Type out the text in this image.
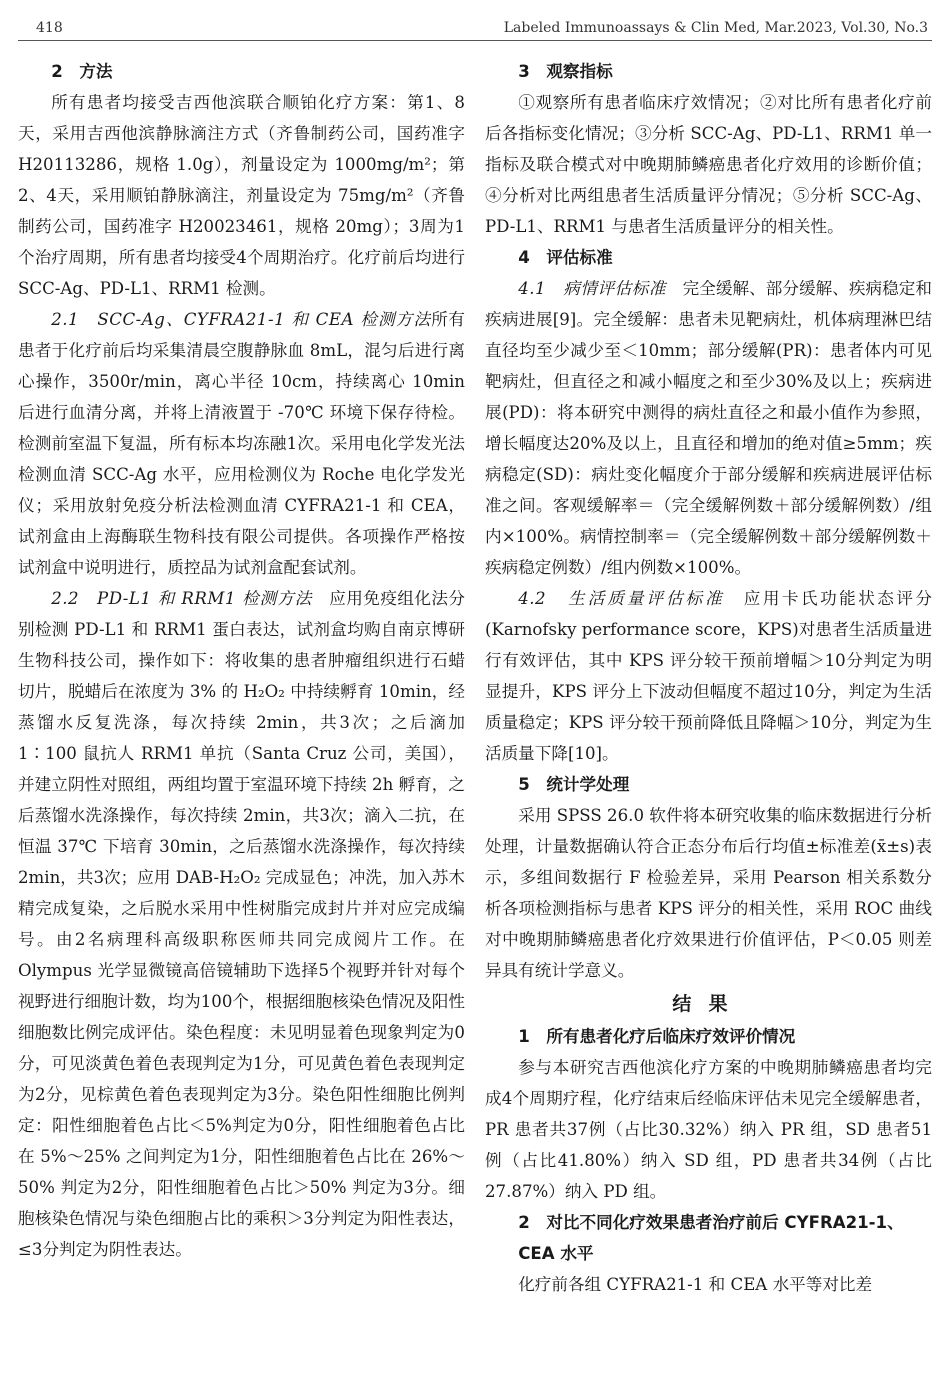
418	Labeled Immunoassays & Clin Med, Mar.2023, Vol.30, No.3
2　方法

所有患者均接受吉西他滨联合顺铂化疗方案：第1、8天，采用吉西他滨静脉滴注方式（齐鲁制药公司，国药准字 H20113286，规格 1.0g），剂量设定为 1000mg/m²；第2、4天，采用顺铂静脉滴注，剂量设定为 75mg/m²（齐鲁制药公司，国药准字 H20023461，规格 20mg）；3周为1个治疗周期，所有患者均接受4个周期治疗。化疗前后均进行 SCC-Ag、PD-L1、RRM1 检测。

2.1　SCC-Ag、CYFRA21-1 和 CEA 检测方法所有患者于化疗前后均采集清晨空腹静脉血 8mL，混匀后进行离心操作，3500r/min，离心半径 10cm，持续离心 10min 后进行血清分离，并将上清液置于 -70℃ 环境下保存待检。检测前室温下复温，所有标本均冻融1次。采用电化学发光法检测血清 SCC-Ag 水平，应用检测仪为 Roche 电化学发光仪；采用放射免疫分析法检测血清 CYFRA21-1 和 CEA，试剂盒由上海酶联生物科技有限公司提供。各项操作严格按试剂盒中说明进行，质控品为试剂盒配套试剂。

2.2　PD-L1 和 RRM1 检测方法　 应用免疫组化法分别检测 PD-L1 和 RRM1 蛋白表达，试剂盒均购自南京博研生物科技公司，操作如下：将收集的患者肿瘤组织进行石蜡切片，脱蜡后在浓度为 3% 的 H₂O₂ 中持续孵育 10min，经蒸馏水反复洗涤，每次持续 2min，共3次；之后滴加 1∶100 鼠抗人 RRM1 单抗（Santa Cruz 公司，美国），并建立阴性对照组，两组均置于室温环境下持续 2h 孵育，之后蒸馏水洗涤操作，每次持续 2min，共3次；滴入二抗，在恒温 37℃ 下培育 30min，之后蒸馏水洗涤操作，每次持续 2min，共3次；应用 DAB-H₂O₂ 完成显色；冲洗，加入苏木精完成复染，之后脱水采用中性树脂完成封片并对应完成编号。由2名病理科高级职称医师共同完成阅片工作。在 Olympus 光学显微镜高倍镜辅助下选择5个视野并针对每个视野进行细胞计数，均为100个，根据细胞核染色情况及阳性细胞数比例完成评估。染色程度：未见明显着色现象判定为0分，可见淡黄色着色表现判定为1分，可见黄色着色表现判定为2分，见棕黄色着色表现判定为3分。染色阳性细胞比例判定：阳性细胞着色占比＜5%判定为0分，阳性细胞着色占比在 5%～25% 之间判定为1分，阳性细胞着色占比在 26%～50% 判定为2分，阳性细胞着色占比＞50% 判定为3分。细胞核染色情况与染色细胞占比的乘积＞3分判定为阳性表达，≤3分判定为阴性表达。

3　观察指标

①观察所有患者临床疗效情况；②对比所有患者化疗前后各指标变化情况；③分析 SCC-Ag、PD-L1、RRM1 单一指标及联合模式对中晚期肺鳞癌患者化疗效用的诊断价值；④分析对比两组患者生活质量评分情况；⑤分析 SCC-Ag、PD-L1、RRM1 与患者生活质量评分的相关性。

4　评估标准

4.1　病情评估标准　 完全缓解、部分缓解、疾病稳定和疾病进展[9]。完全缓解：患者未见靶病灶，机体病理淋巴结直径均至少减少至＜10mm；部分缓解(PR)：患者体内可见靶病灶，但直径之和减小幅度之和至少30%及以上；疾病进展(PD)：将本研究中测得的病灶直径之和最小值作为参照，增长幅度达20%及以上，且直径和增加的绝对值≥5mm；疾病稳定(SD)：病灶变化幅度介于部分缓解和疾病进展评估标准之间。客观缓解率＝（完全缓解例数＋部分缓解例数）/组内×100%。病情控制率＝（完全缓解例数＋部分缓解例数＋疾病稳定例数）/组内例数×100%。

4.2　生活质量评估标准　 应用卡氏功能状态评分(Karnofsky performance score，KPS)对患者生活质量进行有效评估，其中 KPS 评分较干预前增幅＞10分判定为明显提升，KPS 评分上下波动但幅度不超过10分，判定为生活质量稳定；KPS 评分较干预前降低且降幅＞10分，判定为生活质量下降[10]。

5　统计学处理

采用 SPSS 26.0 软件将本研究收集的临床数据进行分析处理，计量数据确认符合正态分布后行均值±标准差(x̄±s)表示，多组间数据行 F 检验差异，采用 Pearson 相关系数分析各项检测指标与患者 KPS 评分的相关性，采用 ROC 曲线对中晚期肺鳞癌患者化疗效果进行价值评估，P＜0.05 则差异具有统计学意义。

结果
1　所有患者化疗后临床疗效评价情况

参与本研究吉西他滨化疗方案的中晚期肺鳞癌患者均完成4个周期疗程，化疗结束后经临床评估未见完全缓解患者，PR 患者共37例（占比30.32%）纳入 PR 组，SD 患者51例（占比41.80%）纳入 SD 组，PD 患者共34例（占比27.87%）纳入 PD 组。

2　对比不同化疗效果患者治疗前后 CYFRA21-1、CEA 水平

化疗前各组 CYFRA21-1 和 CEA 水平等对比差
